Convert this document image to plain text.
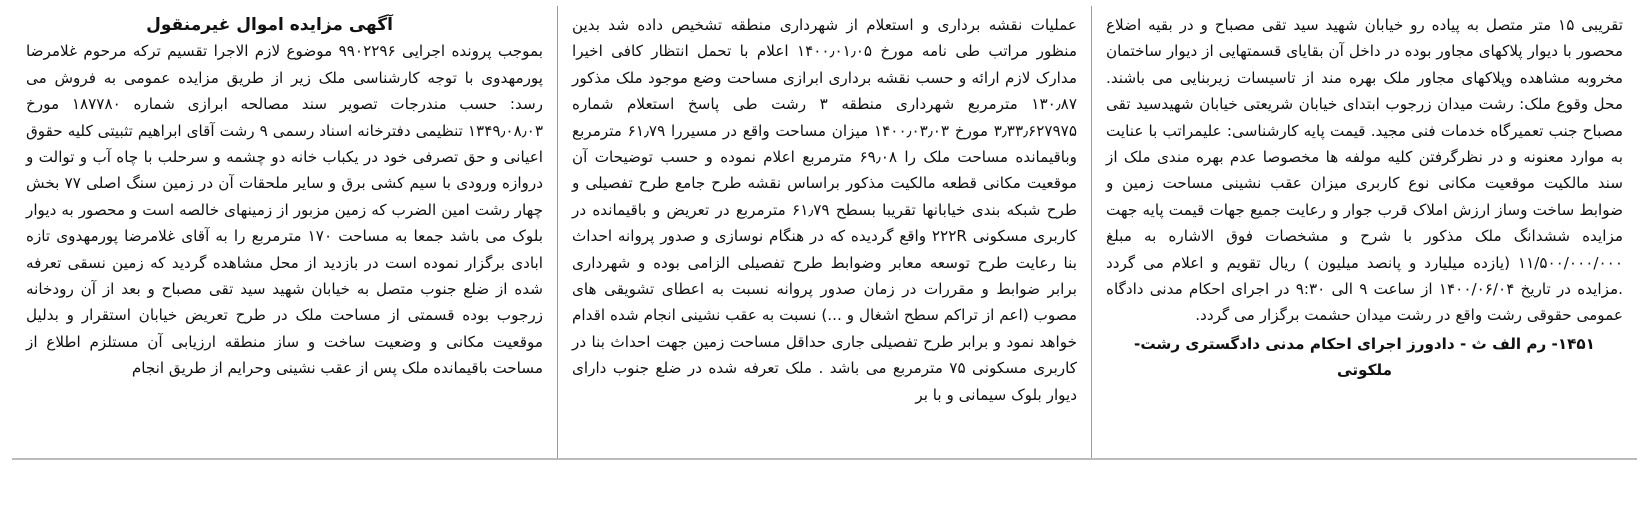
آگهی مزایده اموال غیرمنقول

بموجب پرونده اجرایی ۹۹۰۲۲۹۶ موضوع لازم الاجرا تقسیم ترکه مرحوم غلامرضا پورمهدوی با توجه کارشناسی ملک زیر از طریق مزایده عمومی به فروش می رسد: حسب مندرجات تصویر سند مصالحه ابرازی شماره ۱۸۷۷۸۰ مورخ ۱۳۴۹٫۰۸٫۰۳ تنظیمی دفترخانه اسناد رسمی ۹ رشت آقای ابراهیم تثبیتی کلیه حقوق اعیانی و حق تصرفی خود در یکباب خانه دو چشمه و سرحلب با چاه آب و توالت و دروازه ورودی با سیم کشی برق و سایر ملحقات آن در زمین سنگ اصلی ۷۷ بخش چهار رشت امین الضرب که زمین مزبور از زمینهای خالصه است و محصور به دیوار بلوک می باشد جمعا به مساحت ۱۷۰ مترمربع را به آقای غلامرضا پورمهدوی تازه ابادی برگزار نموده است در بازدید از محل مشاهده گردید که زمین نسقی تعرفه شده از ضلع جنوب متصل به خیابان شهید سید تقی مصباح و بعد از آن رودخانه زرجوب بوده قسمتی از مساحت ملک در طرح تعریض خیابان استقرار و بدلیل موقعیت مکانی و وضعیت ساخت و ساز منطقه ارزیابی آن مستلزم اطلاع از مساحت باقیمانده ملک پس از عقب نشینی وحرایم از طریق انجام

عملیات نقشه برداری و استعلام از شهرداری منطقه تشخیص داده شد بدین منظور مراتب طی نامه مورخ ۱۴۰۰٫۰۱٫۰۵ اعلام با تحمل انتظار کافی اخیرا مدارک لازم ارائه و حسب نقشه برداری ابرازی مساحت وضع موجود ملک مذکور ۱۳۰٫۸۷ مترمربع شهرداری منطقه ۳ رشت طی پاسخ استعلام شماره ۳٫۳۳٫۶۲۷۹۷۵ مورخ ۱۴۰۰٫۰۳٫۰۳ میزان مساحت واقع در مسیررا ۶۱٫۷۹ مترمربع وباقیمانده مساحت ملک را ۶۹٫۰۸ مترمربع اعلام نموده و حسب توضیحات آن موقعیت مکانی قطعه مالکیت مذکور براساس نقشه طرح جامع طرح تفصیلی و طرح شبکه بندی خیابانها تقریبا بسطح ۶۱٫۷۹ مترمربع در تعریض و باقیمانده در کاربری مسکونی ۲۲۲R واقع گردیده که در هنگام نوسازی و صدور پروانه احداث بنا رعایت طرح توسعه معابر وضوابط طرح تفصیلی الزامی بوده و شهرداری برابر ضوابط و مقررات در زمان صدور پروانه نسبت به اعطای تشویقی های مصوب (اعم از تراکم سطح اشغال و ...) نسبت به عقب نشینی انجام شده اقدام خواهد نمود و برابر طرح تفصیلی جاری حداقل مساحت زمین جهت احداث بنا در کاربری مسکونی ۷۵ مترمربع می باشد . ملک تعرفه شده در ضلع جنوب دارای دیوار بلوک سیمانی و با بر

تقریبی ۱۵ متر متصل به پیاده رو خیابان شهید سید تقی مصباح و در بقیه اضلاع محصور با دیوار پلاکهای مجاور بوده در داخل آن بقایای قسمتهایی از دیوار ساختمان مخروبه مشاهده وپلاکهای مجاور ملک بهره مند از تاسیسات زیربنایی می باشند. محل وقوع ملک: رشت میدان زرجوب ابتدای خیابان شریعتی خیابان شهیدسید تقی مصباح جنب تعمیرگاه خدمات فنی مجید. قیمت پایه کارشناسی: علیمراتب با عنایت به موارد معنونه و در نظرگرفتن کلیه مولفه ها مخصوصا عدم بهره مندی ملک از سند مالکیت موقعیت مکانی نوع کاربری میزان عقب نشینی مساحت زمین و ضوابط ساخت وساز ارزش املاک قرب جوار و رعایت جمیع جهات قیمت پایه جهت مزایده ششدانگ ملک مذکور با شرح و مشخصات فوق الاشاره به مبلغ ۱۱/۵۰۰/۰۰۰/۰۰۰ (یازده میلیارد و پانصد میلیون ) ریال تقویم و اعلام می گردد .مزایده در تاریخ ۱۴۰۰/۰۶/۰۴ از ساعت ۹ الی ۹:۳۰ در اجرای احکام مدنی دادگاه عمومی حقوقی رشت واقع در رشت میدان حشمت برگزار می گردد.

۱۴۵۱- رم الف ث - دادورز اجرای احکام مدنی دادگستری رشت- ملکوتی
